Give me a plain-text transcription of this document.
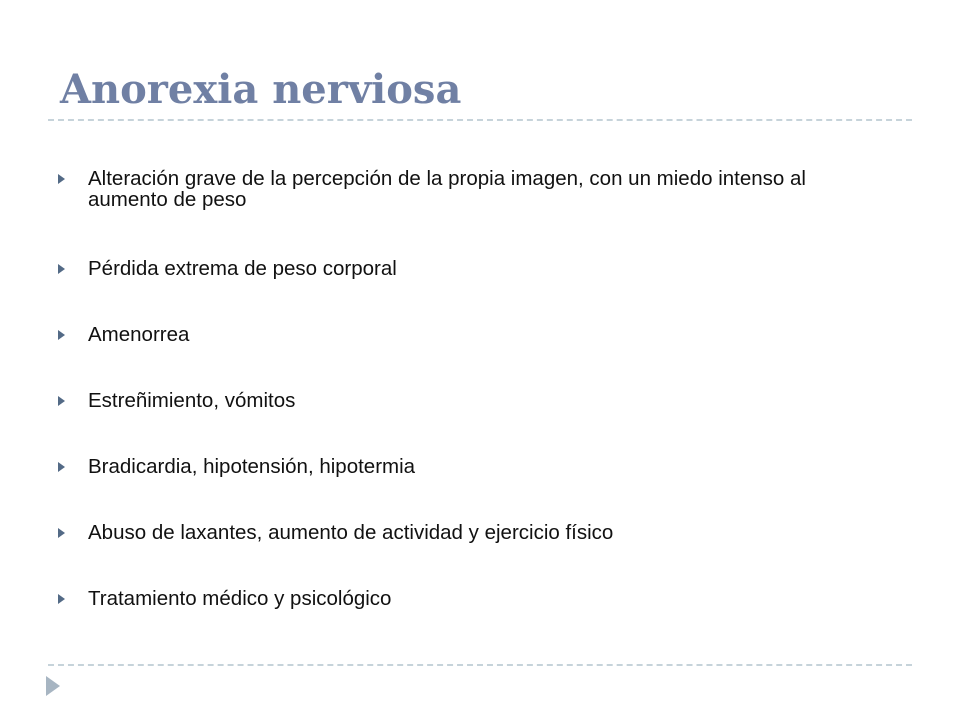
Anorexia nerviosa
Alteración grave de la percepción de la propia imagen, con un miedo intenso al aumento de peso
Pérdida extrema de peso corporal
Amenorrea
Estreñimiento, vómitos
Bradicardia, hipotensión, hipotermia
Abuso de laxantes, aumento de actividad y ejercicio físico
Tratamiento médico y psicológico
